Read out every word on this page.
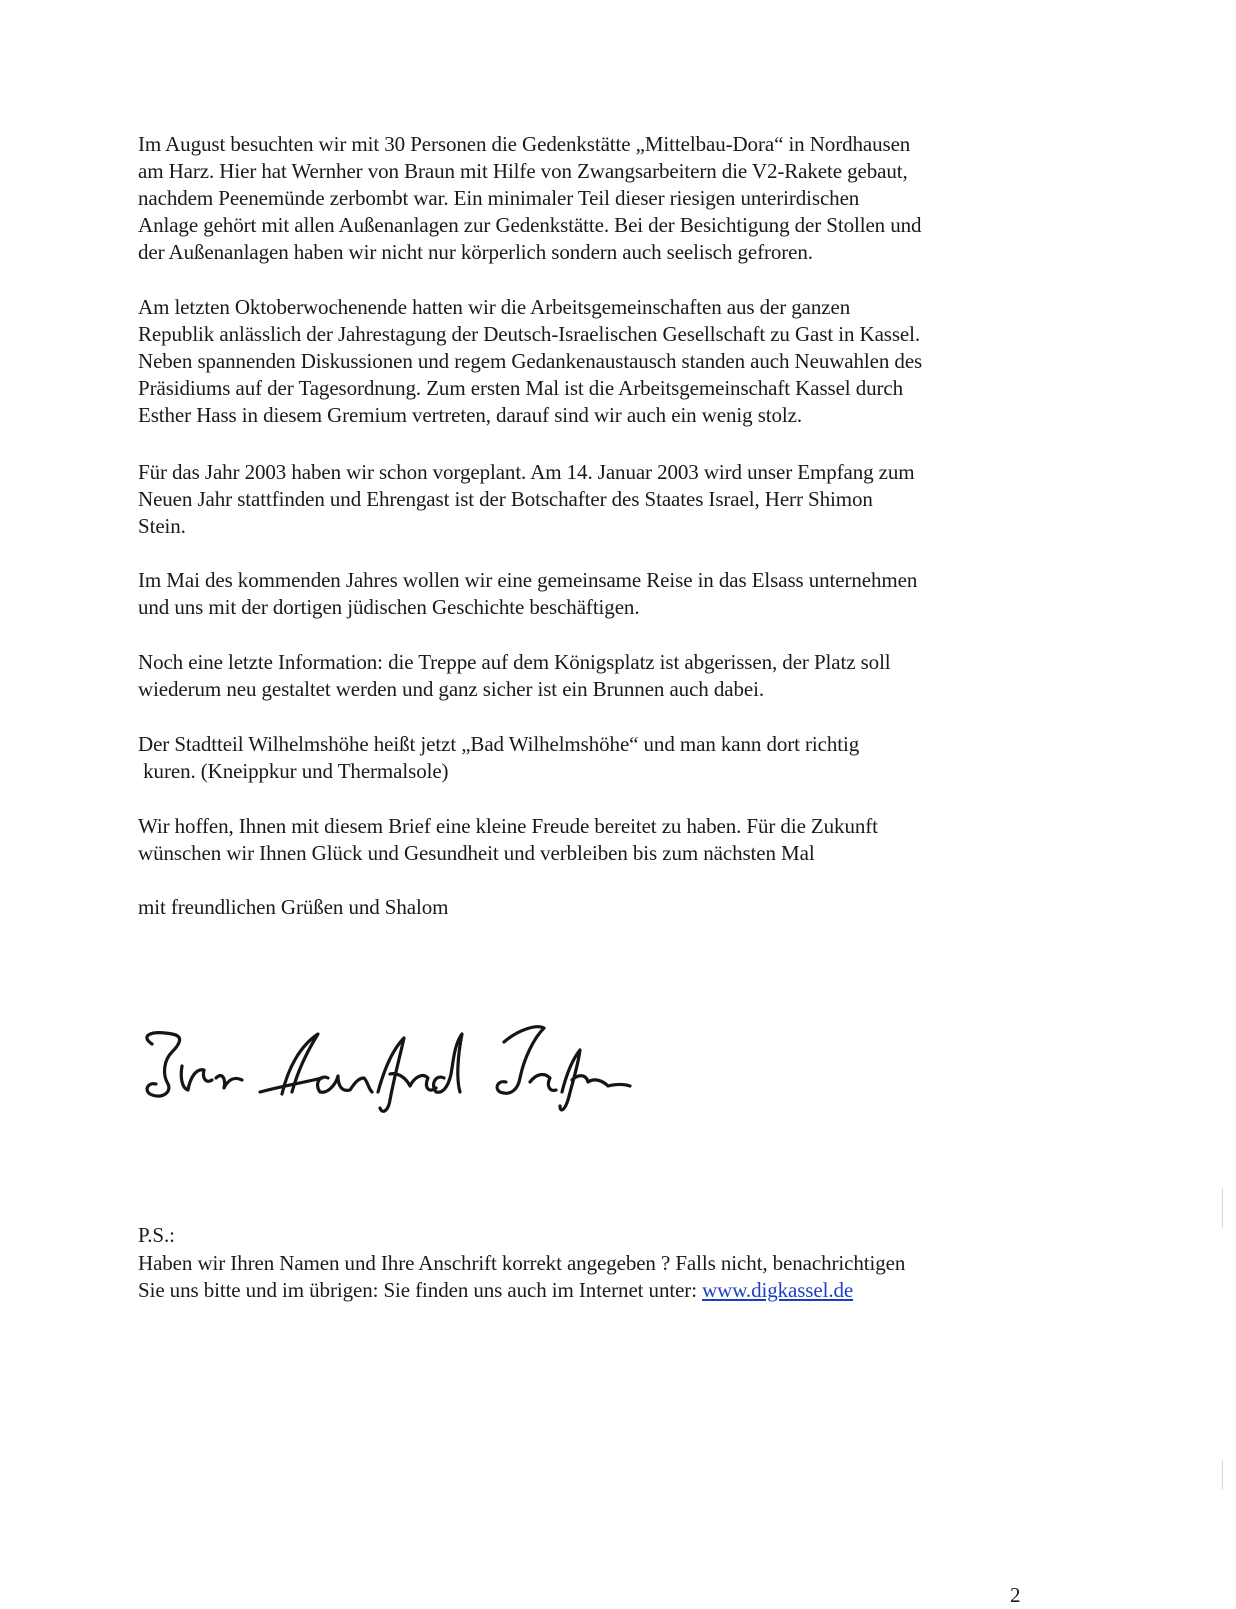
Im August besuchten wir mit 30 Personen die Gedenkstätte „Mittelbau-Dora“ in Nordhausen
am Harz. Hier hat Wernher von Braun mit Hilfe von Zwangsarbeitern die V2-Rakete gebaut,
nachdem Peenemünde zerbombt war. Ein minimaler Teil dieser riesigen unterirdischen
Anlage gehört mit allen Außenanlagen zur Gedenkstätte. Bei der Besichtigung der Stollen und
der Außenanlagen haben wir nicht nur körperlich sondern auch seelisch gefroren.
Am letzten Oktoberwochenende hatten wir die Arbeitsgemeinschaften aus der ganzen
Republik anlässlich der Jahrestagung der Deutsch-Israelischen Gesellschaft zu Gast in Kassel.
Neben spannenden Diskussionen und regem Gedankenaustausch standen auch Neuwahlen des
Präsidiums auf der Tagesordnung. Zum ersten Mal ist die Arbeitsgemeinschaft Kassel durch
Esther Hass in diesem Gremium vertreten, darauf sind wir auch ein wenig stolz.
Für das Jahr 2003 haben wir schon vorgeplant. Am 14. Januar 2003 wird unser Empfang zum
Neuen Jahr stattfinden und Ehrengast ist der Botschafter des Staates Israel, Herr Shimon
Stein.
Im Mai des kommenden Jahres wollen wir eine gemeinsame Reise in das Elsass unternehmen
und uns mit der dortigen jüdischen Geschichte beschäftigen.
Noch eine letzte Information: die Treppe auf dem Königsplatz ist abgerissen, der Platz soll
wiederum neu gestaltet werden und ganz sicher ist ein Brunnen auch dabei.
Der Stadtteil Wilhelmshöhe heißt jetzt „Bad Wilhelmshöhe“ und man kann dort richtig
kuren. (Kneippkur und Thermalsole)
Wir hoffen, Ihnen mit diesem Brief eine kleine Freude bereitet zu haben. Für die Zukunft
wünschen wir Ihnen Glück und Gesundheit und verbleiben bis zum nächsten Mal
mit freundlichen Grüßen und Shalom
P.S.:
Haben wir Ihren Namen und Ihre Anschrift korrekt angegeben ? Falls nicht, benachrichtigen
Sie uns bitte und im übrigen: Sie finden uns auch im Internet unter: www.digkassel.de
2
